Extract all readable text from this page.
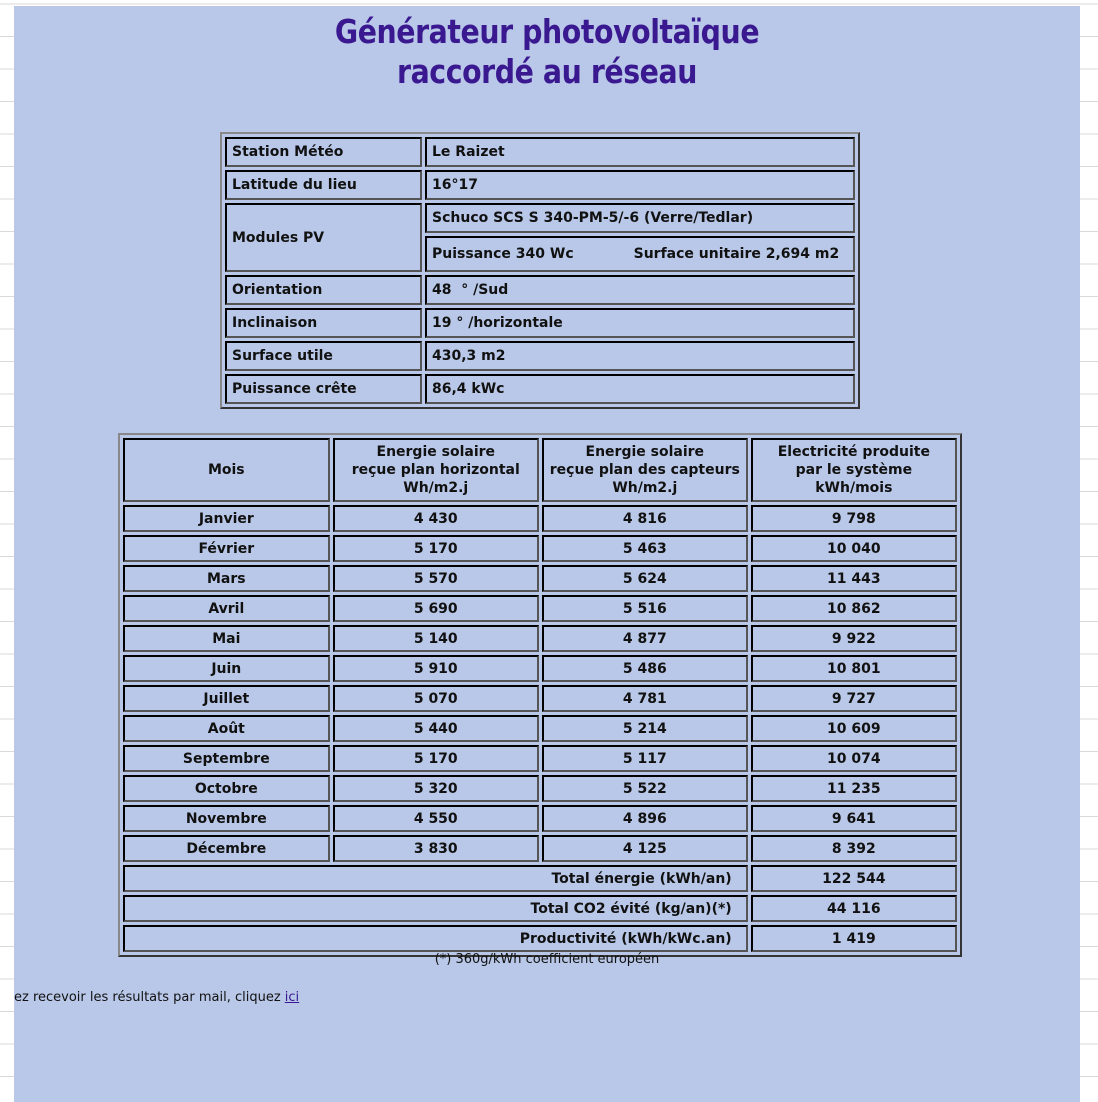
Générateur photovoltaïque
raccordé au réseau
Station Météo	Le Raizet
Latitude du lieu	16°17
Modules PV	Schuco SCS S 340-PM-5/-6 (Verre/Tedlar)
	Puissance 340 Wc Surface unitaire 2,694 m2
Orientation	48  ° /Sud
Inclinaison	19 ° /horizontale
Surface utile	430,3 m2
Puissance crête	86,4 kWc
Mois	Energie solaire
reçue plan horizontal
Wh/m2.j	Energie solaire
reçue plan des capteurs
Wh/m2.j	Electricité produite
par le système
kWh/mois
Janvier	4 430	4 816	9 798
Février	5 170	5 463	10 040
Mars	5 570	5 624	11 443
Avril	5 690	5 516	10 862
Mai	5 140	4 877	9 922
Juin	5 910	5 486	10 801
Juillet	5 070	4 781	9 727
Août	5 440	5 214	10 609
Septembre	5 170	5 117	10 074
Octobre	5 320	5 522	11 235
Novembre	4 550	4 896	9 641
Décembre	3 830	4 125	8 392
Total énergie (kWh/an)			122 544
Total CO2 évité (kg/an)(*)			44 116
Productivité (kWh/kWc.an)			1 419
(*) 360g/kWh coefficient européen
ez recevoir les résultats par mail, cliquez ici
